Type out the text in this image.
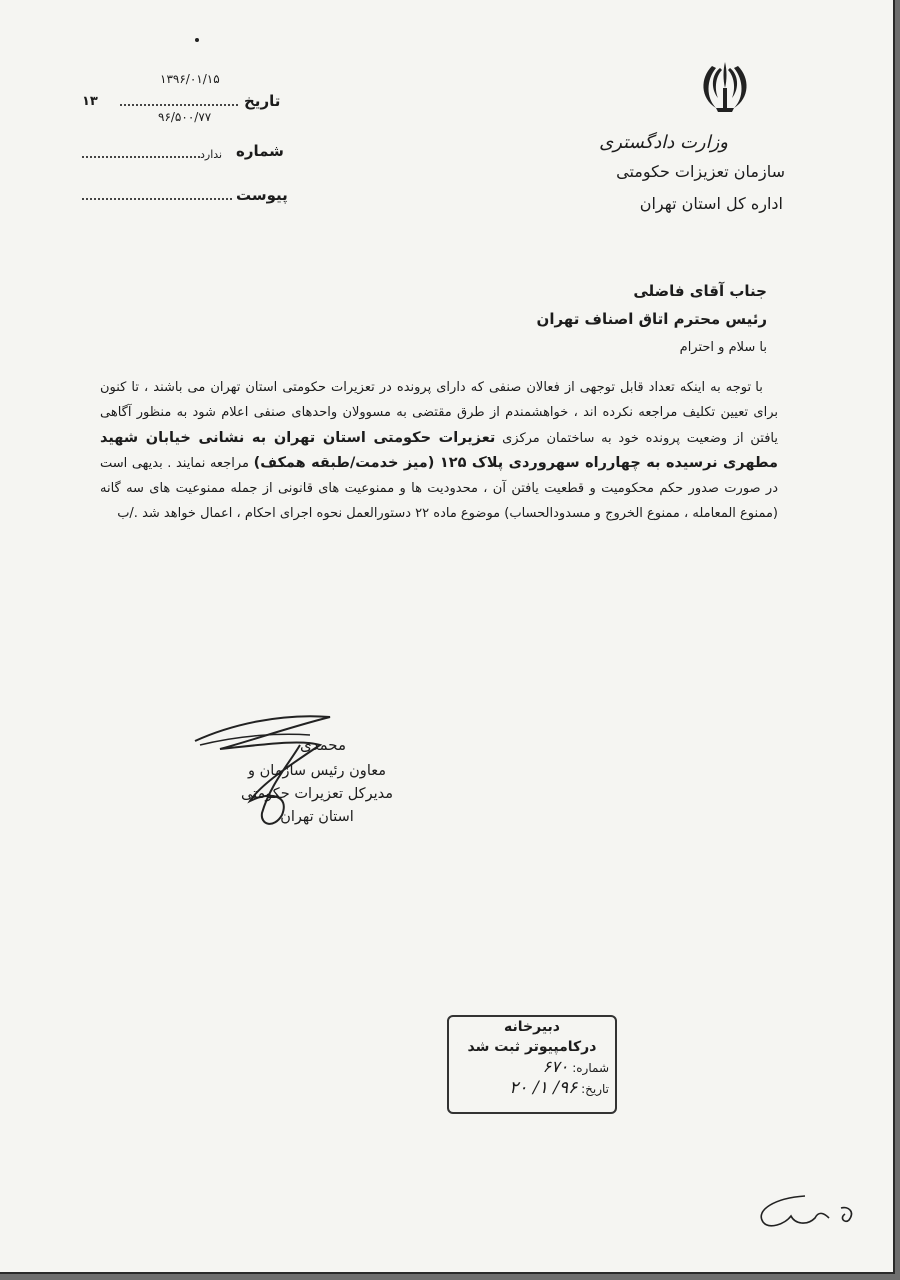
وزارت دادگستری
سازمان تعزیزات حکومتی
اداره کل استان تهران
۱۳۹۶/۰۱/۱۵
تاریخ
۱۳
۹۶/۵۰۰/۷۷
شماره
ندارد
پیوست
جناب آقای فاضلی
رئیس محترم اتاق اصناف تهران
با سلام و احترام
با توجه به اینکه تعداد قابل توجهی از فعالان صنفی که دارای پرونده در تعزیرات حکومتی استان تهران می باشند ، تا کنون برای تعیین تکلیف مراجعه نکرده اند ، خواهشمندم از طرق مقتضی به مسوولان واحدهای صنفی اعلام شود به منظور آگاهی یافتن از وضعیت پرونده خود به ساختمان مرکزی تعزیرات حکومتی استان تهران به نشانی خیابان شهید مطهری نرسیده به چهارراه سهروردی پلاک ۱۲۵ (میز خدمت/طبقه همکف) مراجعه نمایند . بدیهی است در صورت صدور حکم محکومیت و قطعیت یافتن آن ، محدودیت ها و ممنوعیت های قانونی از جمله ممنوعیت های سه گانه (ممنوع المعامله ، ممنوع الخروج و مسدودالحساب) موضوع ماده ۲۲ دستورالعمل نحوه اجرای احکام ، اعمال خواهد شد ./ب
محمدی
معاون رئیس سازمان و
مدیرکل تعزیرات حکومتی
استان تهران
دبیرخانه
درکامپیوتر ثبت شد
شماره: ۶۷۰
تاریخ: ۹۶/ ۱/ ۲۰
